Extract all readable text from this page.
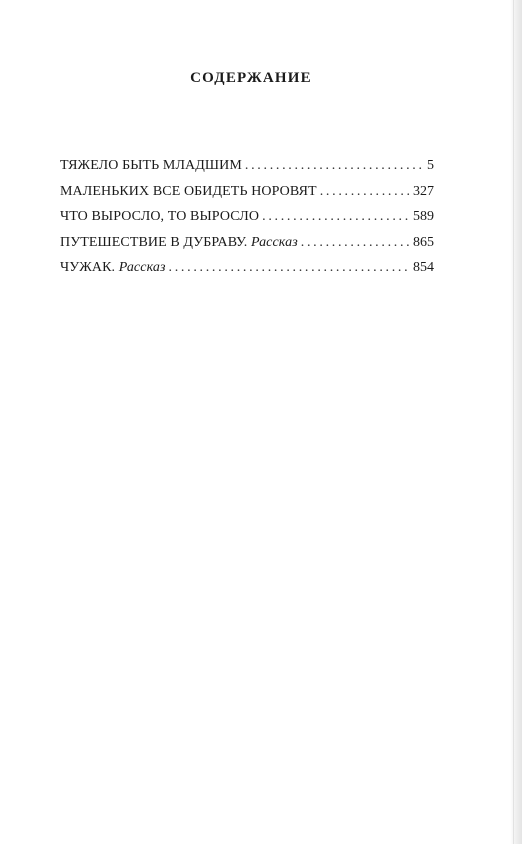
СОДЕРЖАНИЕ
ТЯЖЕЛО БЫТЬ МЛАДШИМ .....	5
МАЛЕНЬКИХ ВСЕ ОБИДЕТЬ НОРОВЯТ .....	327
ЧТО ВЫРОСЛО, ТО ВЫРОСЛО .....	589
ПУТЕШЕСТВИЕ В ДУБРАВУ. Рассказ .....	865
ЧУЖАК. Рассказ .....	854
